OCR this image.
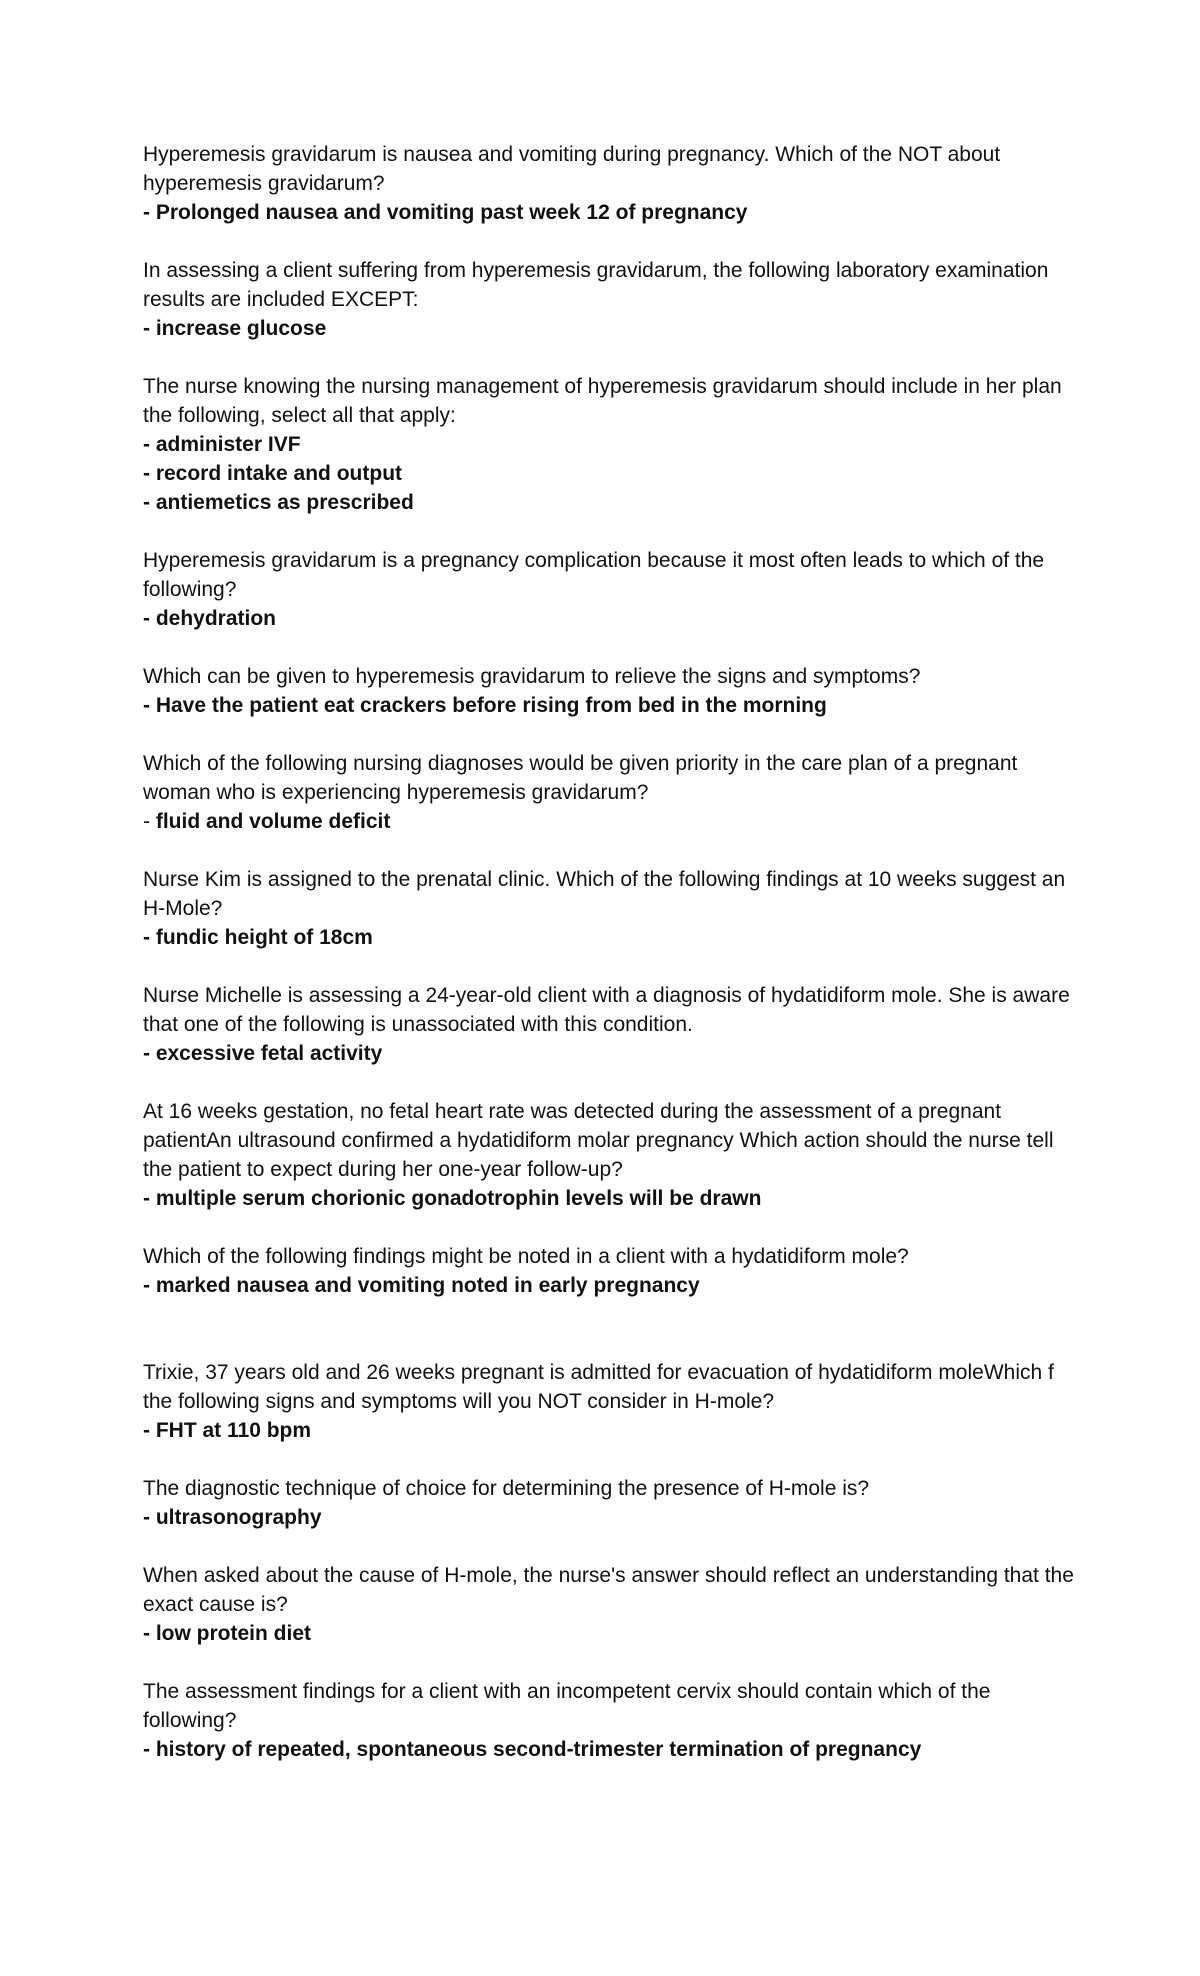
Hyperemesis gravidarum is nausea and vomiting during pregnancy. Which of the NOT about hyperemesis gravidarum?

- Prolonged nausea and vomiting past week 12 of pregnancy

In assessing a client suffering from hyperemesis gravidarum, the following laboratory examination results are included EXCEPT:

- increase glucose

The nurse knowing the nursing management of hyperemesis gravidarum should include in her plan the following, select all that apply:

- administer IVF

- record intake and output

- antiemetics as prescribed

Hyperemesis gravidarum is a pregnancy complication because it most often leads to which of the following?

- dehydration

Which can be given to hyperemesis gravidarum to relieve the signs and symptoms?

- Have the patient eat crackers before rising from bed in the morning

Which of the following nursing diagnoses would be given priority in the care plan of a pregnant woman who is experiencing hyperemesis gravidarum?

- fluid and volume deficit

Nurse Kim is assigned to the prenatal clinic. Which of the following findings at 10 weeks suggest an H-Mole?

- fundic height of 18cm

Nurse Michelle is assessing a 24-year-old client with a diagnosis of hydatidiform mole. She is aware that one of the following is unassociated with this condition.

- excessive fetal activity

At 16 weeks gestation, no fetal heart rate was detected during the assessment of a pregnant patientAn ultrasound confirmed a hydatidiform molar pregnancy Which action should the nurse tell the patient to expect during her one-year follow-up?

- multiple serum chorionic gonadotrophin levels will be drawn

Which of the following findings might be noted in a client with a hydatidiform mole?

- marked nausea and vomiting noted in early pregnancy

Trixie, 37 years old and 26 weeks pregnant is admitted for evacuation of hydatidiform moleWhich f the following signs and symptoms will you NOT consider in H-mole?

- FHT at 110 bpm

The diagnostic technique of choice for determining the presence of H-mole is?

- ultrasonography

When asked about the cause of H-mole, the nurse's answer should reflect an understanding that the exact cause is?

- low protein diet

The assessment findings for a client with an incompetent cervix should contain which of the following?

- history of repeated, spontaneous second-trimester termination of pregnancy
